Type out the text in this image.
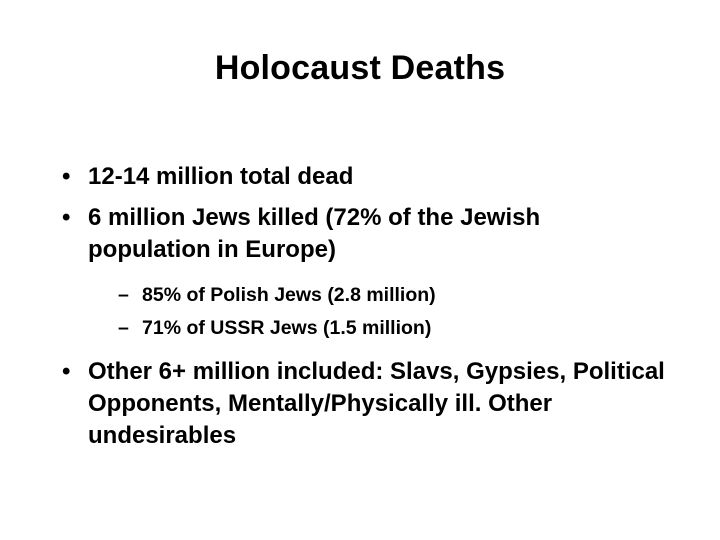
Holocaust Deaths
• 12-14 million total dead
• 6 million Jews killed (72% of the Jewish population in Europe)
– 85% of Polish Jews (2.8 million)
– 71% of USSR Jews (1.5 million)
• Other 6+ million included: Slavs, Gypsies, Political Opponents, Mentally/Physically ill. Other undesirables
